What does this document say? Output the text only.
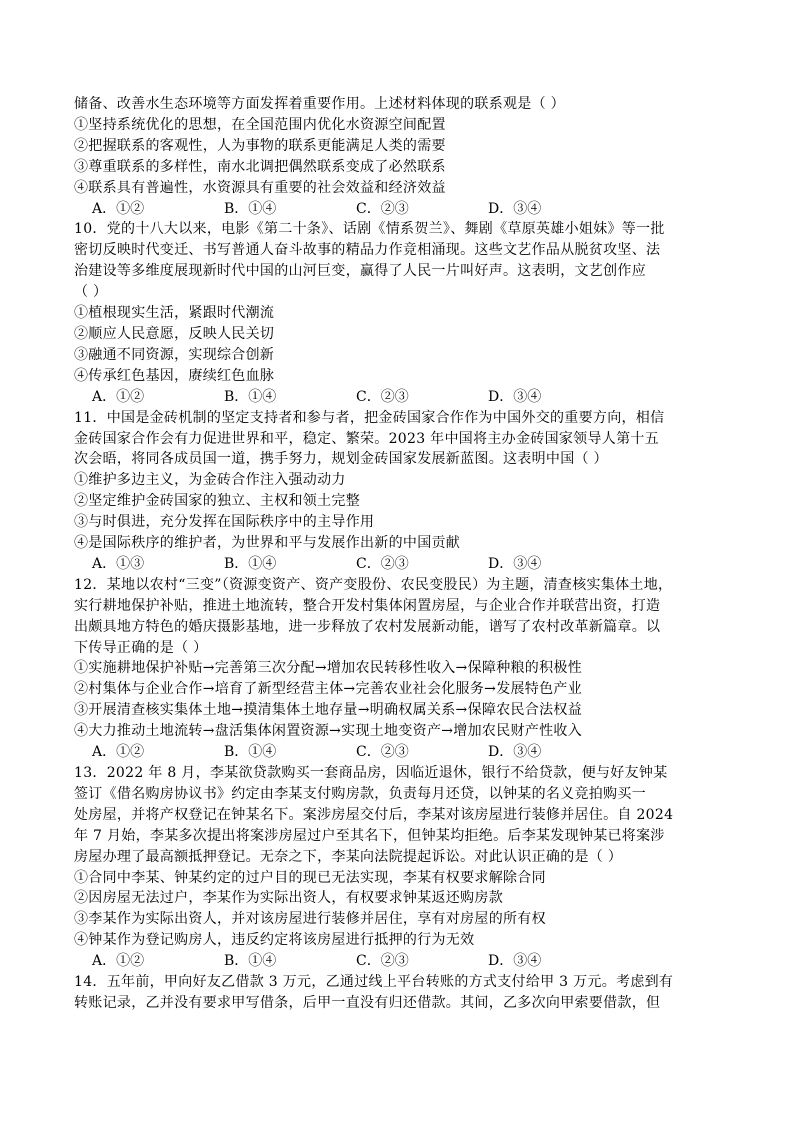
储备、改善水生态环境等方面发挥着重要作用。上述材料体现的联系观是（ ）
①坚持系统优化的思想，在全国范围内优化水资源空间配置
②把握联系的客观性，人为事物的联系更能满足人类的需要
③尊重联系的多样性，南水北调把偶然联系变成了必然联系
④联系具有普遍性，水资源具有重要的社会效益和经济效益
A．①②	B．①④	C．②③	D．③④
10．党的十八大以来，电影《第二十条》、话剧《情系贺兰》、舞剧《草原英雄小姐妹》等一批
密切反映时代变迁、书写普通人奋斗故事的精品力作竞相涌现。这些文艺作品从脱贫攻坚、法
治建设等多维度展现新时代中国的山河巨变，赢得了人民一片叫好声。这表明，文艺创作应
（ ）
①植根现实生活，紧跟时代潮流
②顺应人民意愿，反映人民关切
③融通不同资源，实现综合创新
④传承红色基因，赓续红色血脉
A．①②	B．①④	C．②③	D．③④
11．中国是金砖机制的坚定支持者和参与者，把金砖国家合作作为中国外交的重要方向，相信
金砖国家合作会有力促进世界和平，稳定、繁荣。2023 年中国将主办金砖国家领导人第十五
次会晤，将同各成员国一道，携手努力，规划金砖国家发展新蓝图。这表明中国（ ）
①维护多边主义，为金砖合作注入强动动力
②坚定维护金砖国家的独立、主权和领土完整
③与时俱进，充分发挥在国际秩序中的主导作用
④是国际秩序的维护者，为世界和平与发展作出新的中国贡献
A．①③	B．①④	C．②③	D．③④
12．某地以农村“三变”（资源变资产、资产变股份、农民变股民）为主题，清查核实集体土地，
实行耕地保护补贴，推进土地流转，整合开发村集体闲置房屋，与企业合作并联营出资，打造
出颇具地方特色的婚庆摄影基地，进一步释放了农村发展新动能，谱写了农村改革新篇章。以
下传导正确的是（ ）
①实施耕地保护补贴→完善第三次分配→增加农民转移性收入→保障种粮的积极性
②村集体与企业合作→培育了新型经营主体→完善农业社会化服务→发展特色产业
③开展清查核实集体土地→摸清集体土地存量→明确权属关系→保障农民合法权益
④大力推动土地流转→盘活集体闲置资源→实现土地变资产→增加农民财产性收入
A．①②	B．①④	C．②③	D．③④
13．2022 年 8 月，李某欲贷款购买一套商品房，因临近退休，银行不给贷款，便与好友钟某
签订《借名购房协议书》约定由李某支付购房款，负责每月还贷，以钟某的名义竞拍购买一
处房屋，并将产权登记在钟某名下。案涉房屋交付后，李某对该房屋进行装修并居住。自 2024
年 7 月始，李某多次提出将案涉房屋过户至其名下，但钟某均拒绝。后李某发现钟某已将案涉
房屋办理了最高额抵押登记。无奈之下，李某向法院提起诉讼。对此认识正确的是（ ）
①合同中李某、钟某约定的过户目的现已无法实现，李某有权要求解除合同
②因房屋无法过户，李某作为实际出资人，有权要求钟某返还购房款
③李某作为实际出资人，并对该房屋进行装修并居住，享有对房屋的所有权
④钟某作为登记购房人，违反约定将该房屋进行抵押的行为无效
A．①②	B．①④	C．②③	D．③④
14．五年前，甲向好友乙借款 3 万元，乙通过线上平台转账的方式支付给甲 3 万元。考虑到有
转账记录，乙并没有要求甲写借条，后甲一直没有归还借款。其间，乙多次向甲索要借款，但
